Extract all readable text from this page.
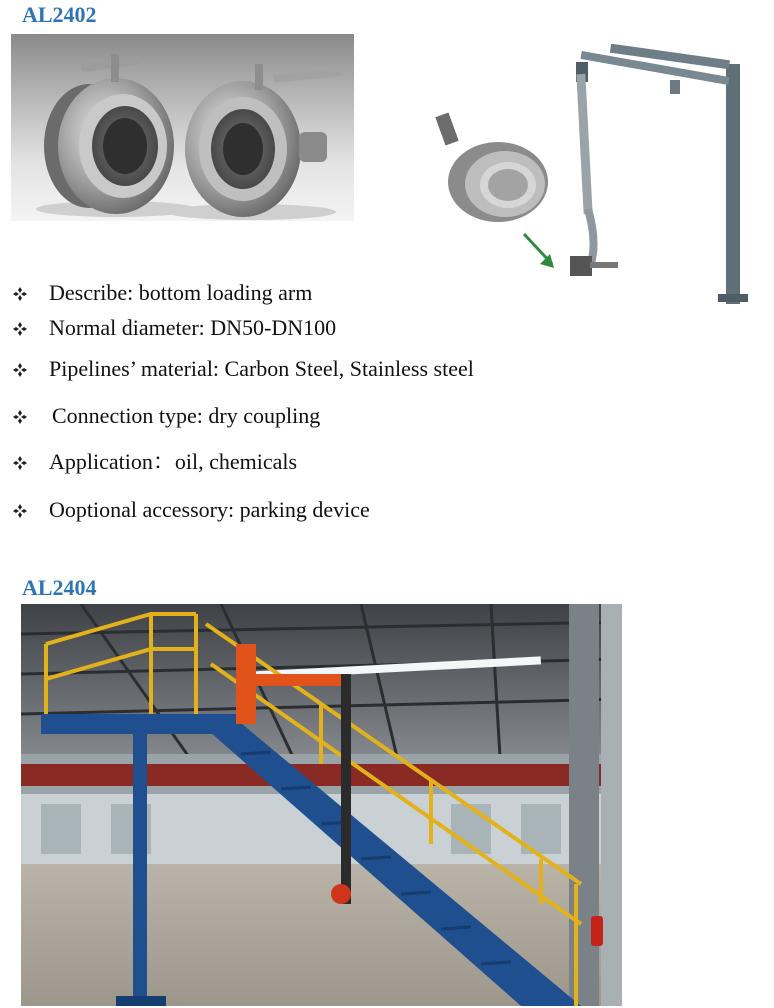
AL2402
Describe: bottom loading arm
Normal diameter: DN50-DN100
Pipelines’ material: Carbon Steel, Stainless steel
Connection type: dry coupling
Application：oil, chemicals
Ooptional accessory: parking device
AL2404
